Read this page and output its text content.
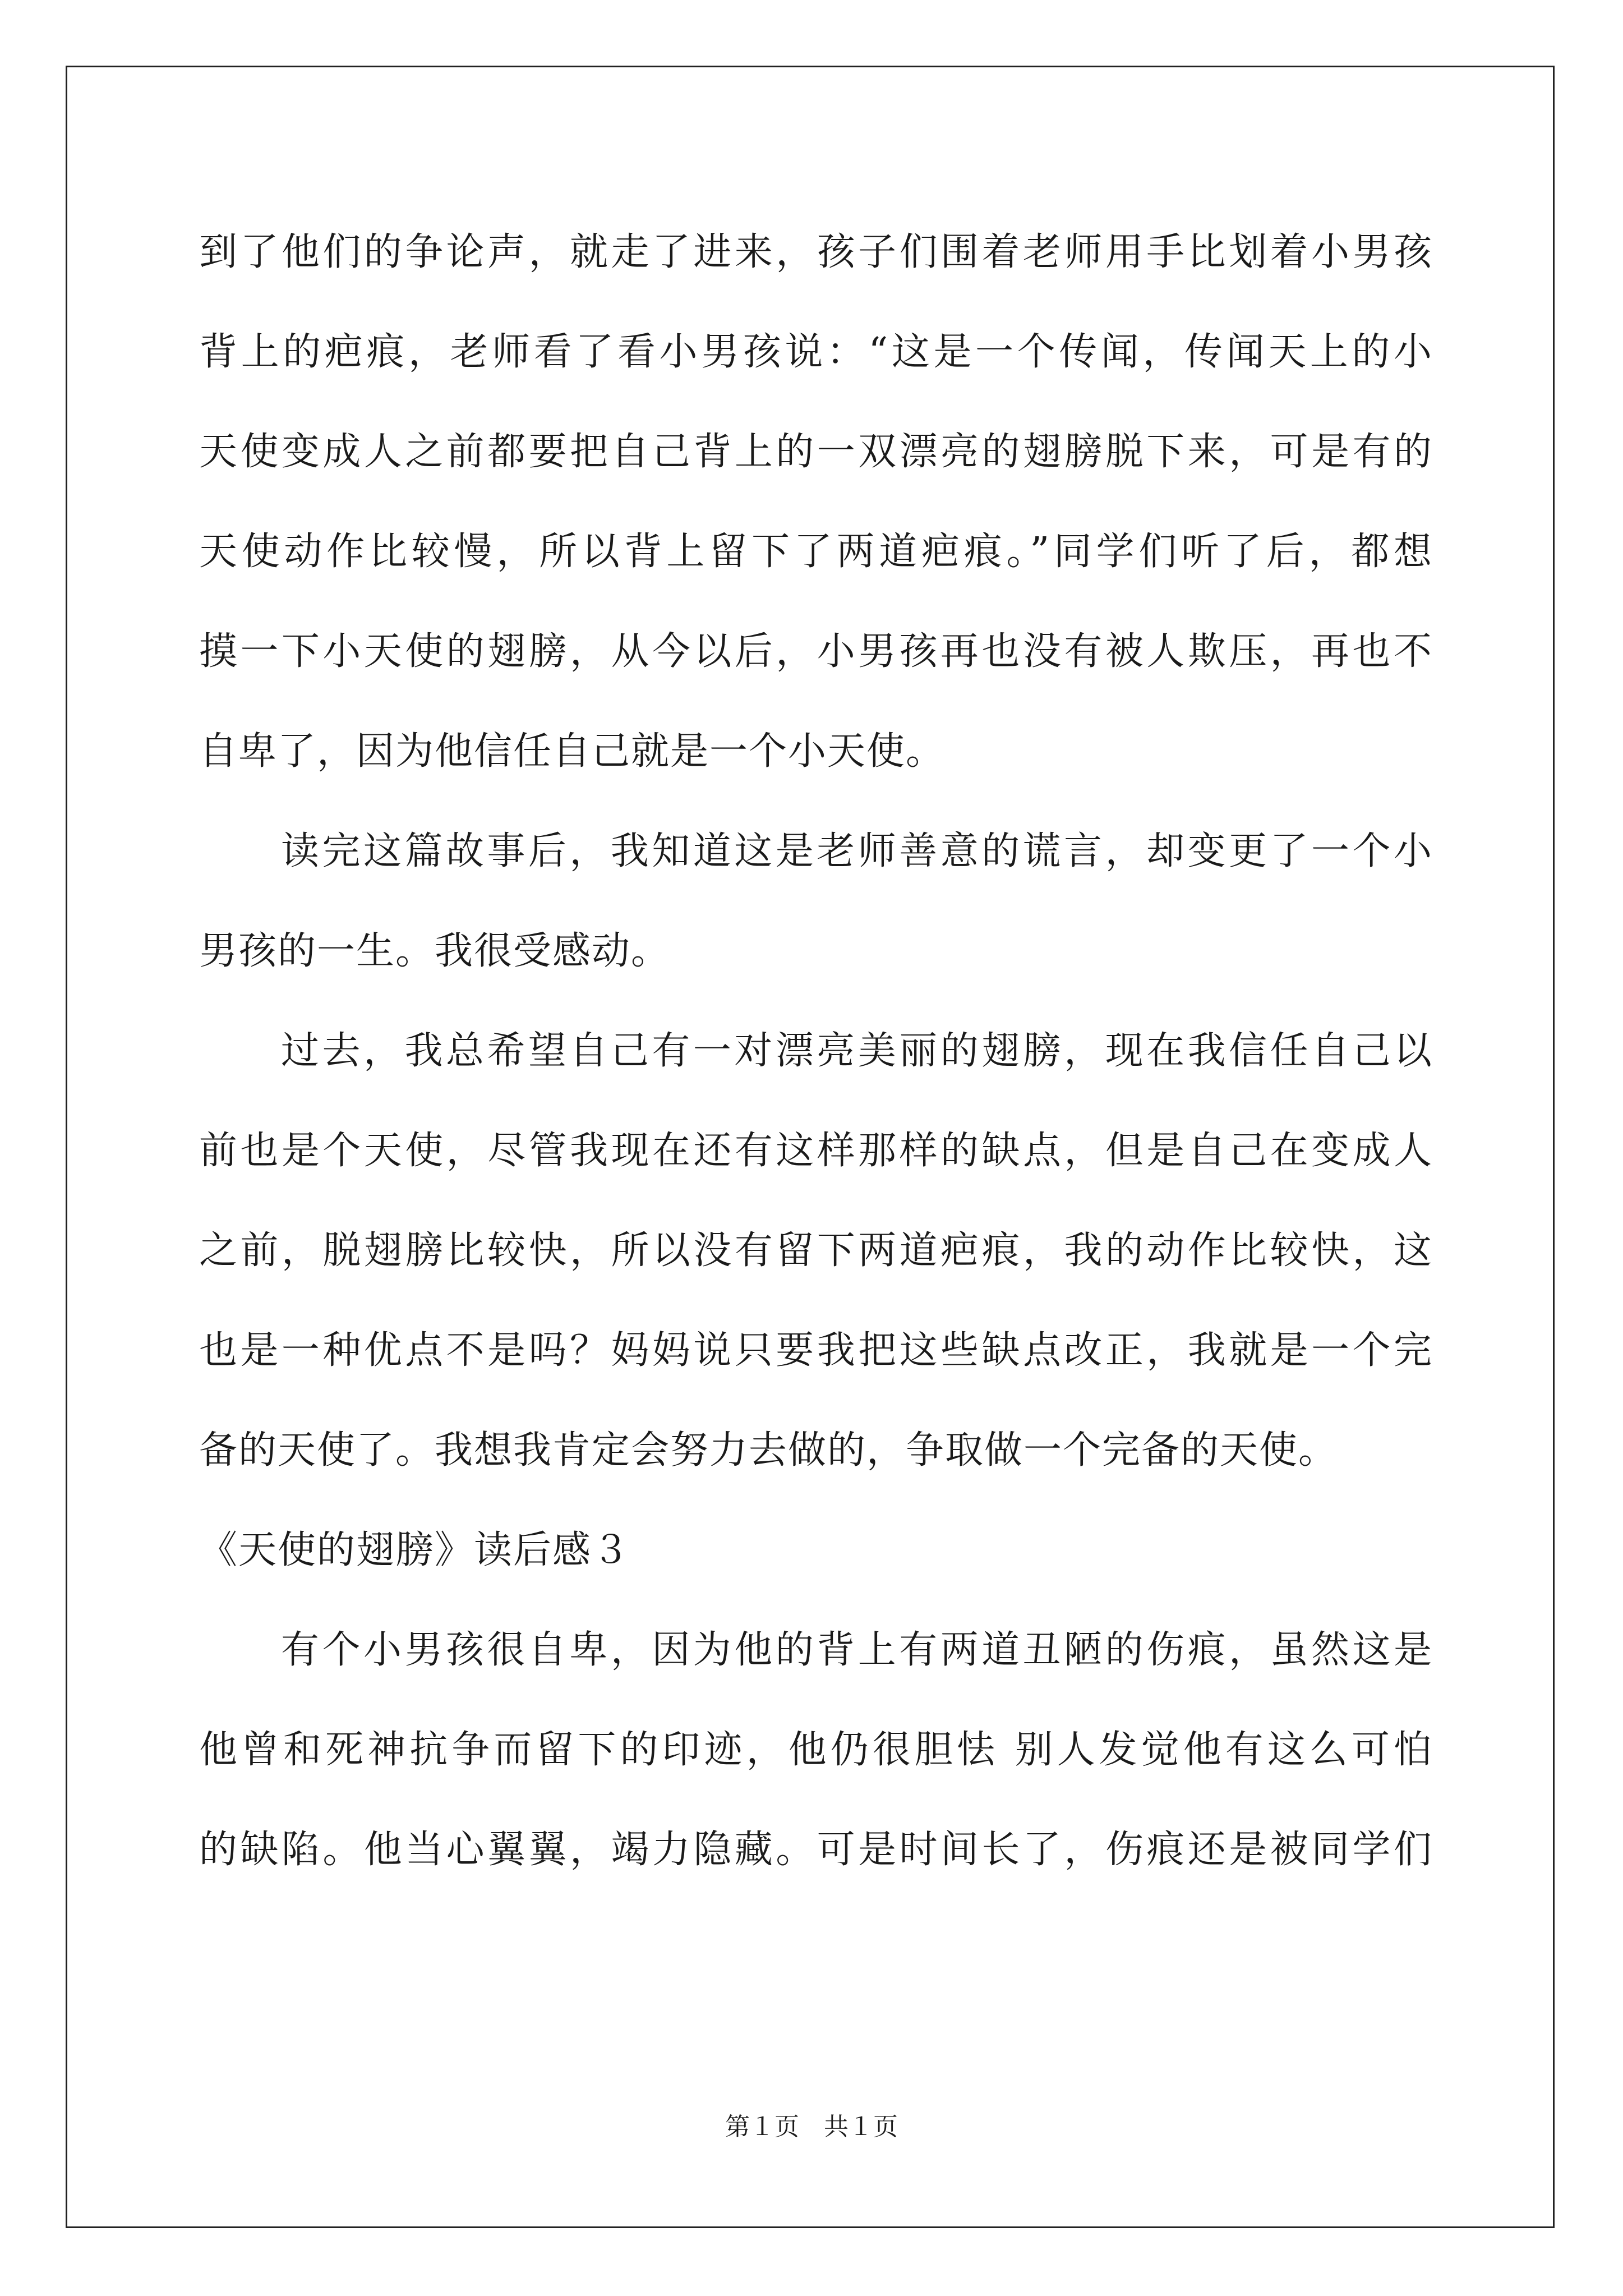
到了他们的争论声，就走了进来，孩子们围着老师用手比划着小男孩
背上的疤痕，老师看了看小男孩说：“这是一个传闻，传闻天上的小
天使变成人之前都要把自己背上的一双漂亮的翅膀脱下来，可是有的
天使动作比较慢，所以背上留下了两道疤痕。”同学们听了后，都想
摸一下小天使的翅膀，从今以后，小男孩再也没有被人欺压，再也不
自卑了，因为他信任自己就是一个小天使。
读完这篇故事后，我知道这是老师善意的谎言，却变更了一个小
男孩的一生。我很受感动。
过去，我总希望自己有一对漂亮美丽的翅膀，现在我信任自己以
前也是个天使，尽管我现在还有这样那样的缺点，但是自己在变成人
之前，脱翅膀比较快，所以没有留下两道疤痕，我的动作比较快，这
也是一种优点不是吗？妈妈说只要我把这些缺点改正，我就是一个完
备的天使了。我想我肯定会努力去做的，争取做一个完备的天使。
《天使的翅膀》读后感３
有个小男孩很自卑，因为他的背上有两道丑陋的伤痕，虽然这是
他曾和死神抗争而留下的印迹，他仍很胆怯 别人发觉他有这么可怕
的缺陷。他当心翼翼，竭力隐藏。可是时间长了，伤痕还是被同学们
第１页　共１页
